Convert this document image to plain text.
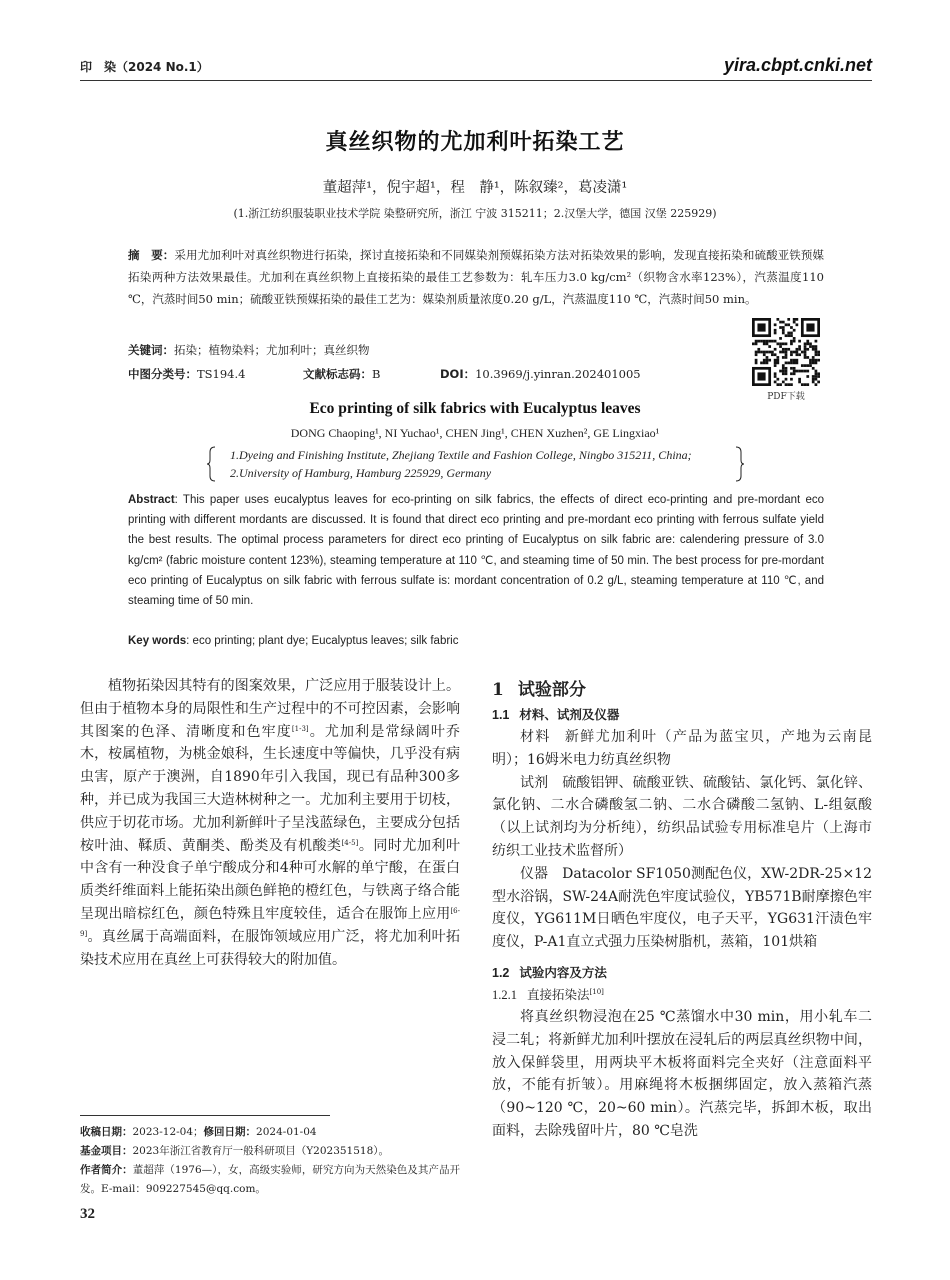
印　染（2024 No.1）	yira.cbpt.cnki.net
真丝织物的尤加利叶拓染工艺
董超萍¹，倪宇超¹，程　静¹，陈叙臻²，葛凌潇¹
(1.浙江纺织服装职业技术学院 染整研究所，浙江 宁波 315211；2.汉堡大学，德国 汉堡 225929)
摘　要：采用尤加利叶对真丝织物进行拓染，探讨直接拓染和不同媒染剂预媒拓染方法对拓染效果的影响，发现直接拓染和硫酸亚铁预媒拓染两种方法效果最佳。尤加利在真丝织物上直接拓染的最佳工艺参数为：轧车压力3.0 kg/cm²（织物含水率123%），汽蒸温度110 ℃，汽蒸时间50 min；硫酸亚铁预媒拓染的最佳工艺为：媒染剂质量浓度0.20 g/L，汽蒸温度110 ℃，汽蒸时间50 min。
关键词：拓染；植物染料；尤加利叶；真丝织物
中图分类号：TS194.4	文献标志码：B	DOI：10.3969/j.yinran.202401005
PDF下载
Eco printing of silk fabrics with Eucalyptus leaves
DONG Chaoping¹, NI Yuchao¹, CHEN Jing¹, CHEN Xuzhen², GE Lingxiao¹
1.Dyeing and Finishing Institute, Zhejiang Textile and Fashion College, Ningbo 315211, China;
2.University of Hamburg, Hamburg 225929, Germany
Abstract: This paper uses eucalyptus leaves for eco-printing on silk fabrics, the effects of direct eco-printing and pre-mordant eco printing with different mordants are discussed. It is found that direct eco printing and pre-mordant eco printing with ferrous sulfate yield the best results. The optimal process parameters for direct eco printing of Eucalyptus on silk fabric are: calendering pressure of 3.0 kg/cm² (fabric moisture content 123%), steaming temperature at 110 ℃, and steaming time of 50 min. The best process for pre-mordant eco printing of Eucalyptus on silk fabric with ferrous sulfate is: mordant concentration of 0.2 g/L, steaming temperature at 110 ℃, and steaming time of 50 min.
Key words: eco printing; plant dye; Eucalyptus leaves; silk fabric

植物拓染因其特有的图案效果，广泛应用于服装设计上。但由于植物本身的局限性和生产过程中的不可控因素，会影响其图案的色泽、清晰度和色牢度[1-3]。尤加利是常绿阔叶乔木，桉属植物，为桃金娘科，生长速度中等偏快，几乎没有病虫害，原产于澳洲，自1890年引入我国，现已有品种300多种，并已成为我国三大造林树种之一。尤加利主要用于切枝，供应于切花市场。尤加利新鲜叶子呈浅蓝绿色，主要成分包括桉叶油、鞣质、黄酮类、酚类及有机酸类[4-5]。同时尤加利叶中含有一种没食子单宁酸成分和4种可水解的单宁酸，在蛋白质类纤维面料上能拓染出颜色鲜艳的橙红色，与铁离子络合能呈现出暗棕红色，颜色特殊且牢度较佳，适合在服饰上应用[6-9]。真丝属于高端面料，在服饰领域应用广泛，将尤加利叶拓染技术应用在真丝上可获得较大的附加值。

收稿日期：2023-12-04；修回日期：2024-01-04
基金项目：2023年浙江省教育厅一般科研项目（Y202351518）。
作者简介：董超萍（1976—），女，高级实验师，研究方向为天然染色及其产品开发。E-mail：909227545@qq.com。
32
1 试验部分
1.1 材料、试剂及仪器

材料 新鲜尤加利叶（产品为蓝宝贝，产地为云南昆明）；16姆米电力纺真丝织物

试剂 硫酸铝钾、硫酸亚铁、硫酸钴、氯化钙、氯化锌、氯化钠、二水合磷酸氢二钠、二水合磷酸二氢钠、L-组氨酸（以上试剂均为分析纯），纺织品试验专用标准皂片（上海市纺织工业技术监督所）

仪器 Datacolor SF1050测配色仪，XW-2DR-25×12型水浴锅，SW-24A耐洗色牢度试验仪，YB571B耐摩擦色牢度仪，YG611M日晒色牢度仪，电子天平，YG631汗渍色牢度仪，P-A1直立式强力压染树脂机，蒸箱，101烘箱

1.2 试验内容及方法
1.2.1 直接拓染法[10]

将真丝织物浸泡在25 ℃蒸馏水中30 min，用小轧车二浸二轧；将新鲜尤加利叶摆放在浸轧后的两层真丝织物中间，放入保鲜袋里，用两块平木板将面料完全夹好（注意面料平放，不能有折皱）。用麻绳将木板捆绑固定，放入蒸箱汽蒸（90~120 ℃，20~60 min）。汽蒸完毕，拆卸木板，取出面料，去除残留叶片，80 ℃皂洗
